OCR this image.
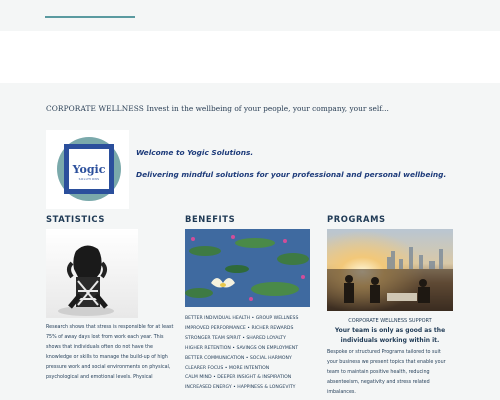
CORPORATE WELLNESS Invest in the wellbeing of your people, your company, your self...
Yogic
SOLUTIONS
Welcome to Yogic Solutions.
Delivering mindful solutions for your professional and personal wellbeing.
STATISTICS	BENEFITS	PROGRAMS
Research shows that stress is responsible for at least 75% of away days lost from work each year. This shows that individuals often do not have the knowledge or skills to manage the build-up of high pressure work and social environments on physical, psychological and emotional levels. Physical
BETTER INDIVIDUAL HEALTH • GROUP WELLNESS
IMPROVED PERFORMANCE • RICHER REWARDS
STRONGER TEAM SPIRIT • SHARED LOYALTY
HIGHER RETENTION • SAVINGS ON EMPLOYMENT
BETTER COMMUNICATION • SOCIAL HARMONY
CLEARER FOCUS • MORE INTENTION
CALM MIND • DEEPER INSIGHT & INSPIRATION
INCREASED ENERGY • HAPPINESS & LONGEVITY
CORPORATE WELLNESS SUPPORT
Your team is only as good as the individuals working within it.
Bespoke or structured Programs tailored to suit your business we present topics that enable your team to maintain positive health, reducing absenteeism, negativity and stress related imbalances.
